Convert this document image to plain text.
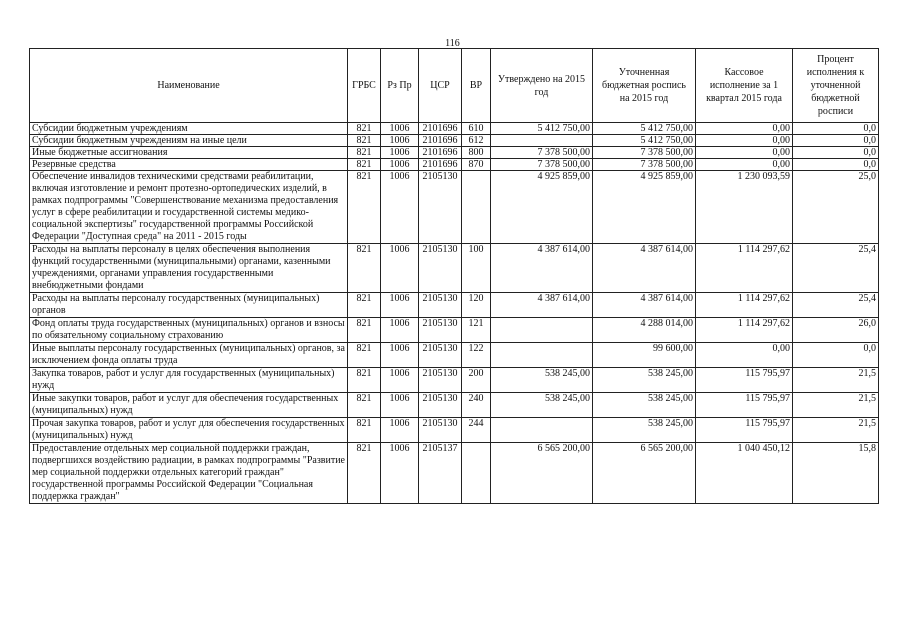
116
Наименование	ГРБС	Рз Пр	ЦСР	ВР	Утверждено на 2015 год	Уточненная бюджетная роспись на 2015 год	Кассовое исполнение за 1 квартал 2015 года	Процент исполнения к уточненной бюджетной росписи
Субсидии бюджетным учреждениям	821	1006	2101696	610	5 412 750,00	5 412 750,00	0,00	0,0
Субсидии бюджетным учреждениям на иные цели	821	1006	2101696	612		5 412 750,00	0,00	0,0
Иные бюджетные ассигнования	821	1006	2101696	800	7 378 500,00	7 378 500,00	0,00	0,0
Резервные средства	821	1006	2101696	870	7 378 500,00	7 378 500,00	0,00	0,0
Обеспечение инвалидов техническими средствами реабилитации, включая изготовление и ремонт протезно-ортопедических изделий, в рамках подпрограммы "Совершенствование механизма предоставления услуг в сфере реабилитации и государственной системы медико-социальной экспертизы" государственной программы Российской Федерации "Доступная среда" на 2011 - 2015 годы	821	1006	2105130		4 925 859,00	4 925 859,00	1 230 093,59	25,0
Расходы на выплаты персоналу в целях обеспечения выполнения функций государственными (муниципальными) органами, казенными учреждениями, органами управления государственными внебюджетными фондами	821	1006	2105130	100	4 387 614,00	4 387 614,00	1 114 297,62	25,4
Расходы на выплаты персоналу государственных (муниципальных) органов	821	1006	2105130	120	4 387 614,00	4 387 614,00	1 114 297,62	25,4
Фонд оплаты труда государственных (муниципальных) органов и взносы по обязательному социальному страхованию	821	1006	2105130	121		4 288 014,00	1 114 297,62	26,0
Иные выплаты персоналу государственных (муниципальных) органов, за исключением фонда оплаты труда	821	1006	2105130	122		99 600,00	0,00	0,0
Закупка товаров, работ и услуг для государственных (муниципальных) нужд	821	1006	2105130	200	538 245,00	538 245,00	115 795,97	21,5
Иные закупки товаров, работ и услуг для обеспечения государственных (муниципальных) нужд	821	1006	2105130	240	538 245,00	538 245,00	115 795,97	21,5
Прочая закупка товаров, работ и услуг для обеспечения государственных (муниципальных) нужд	821	1006	2105130	244		538 245,00	115 795,97	21,5
Предоставление отдельных мер социальной поддержки граждан, подвергшихся воздействию радиации, в рамках подпрограммы "Развитие мер социальной поддержки отдельных категорий граждан" государственной программы Российской Федерации "Социальная поддержка граждан"	821	1006	2105137		6 565 200,00	6 565 200,00	1 040 450,12	15,8
